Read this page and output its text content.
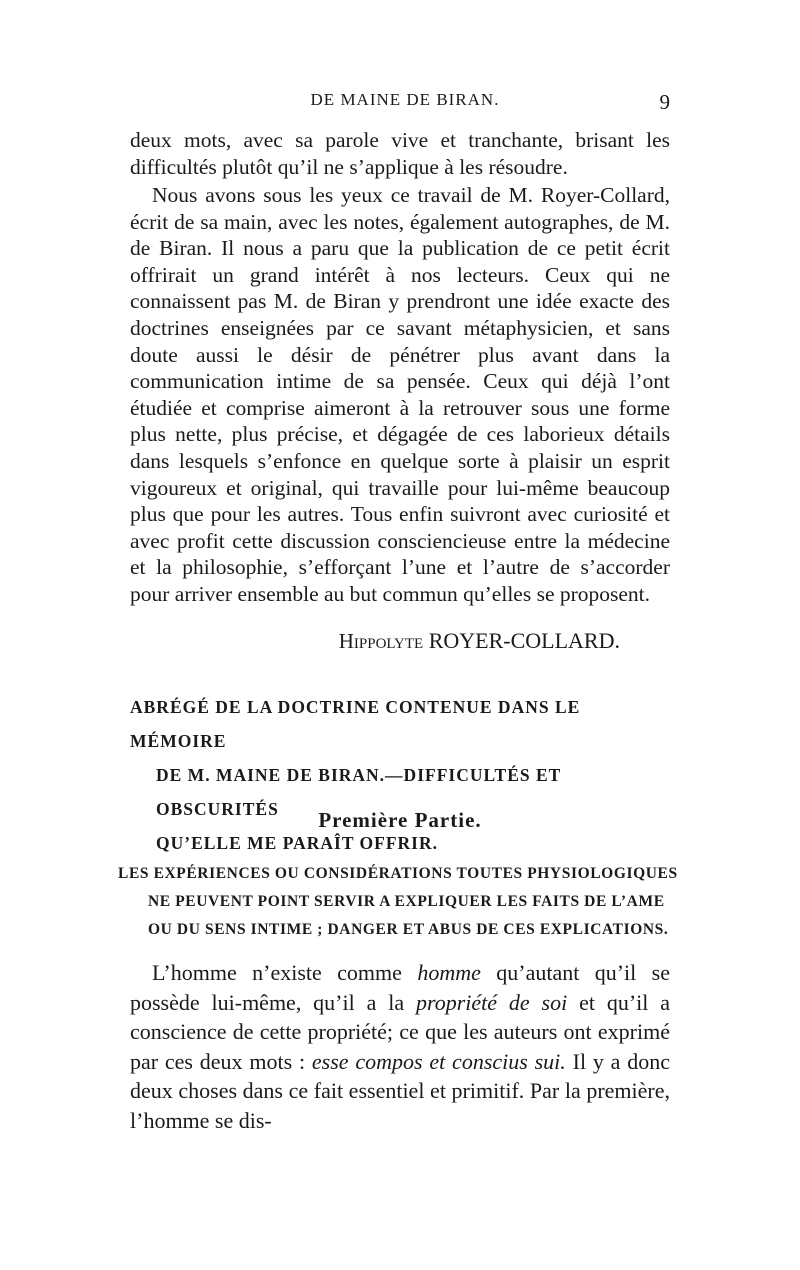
DE MAINE DE BIRAN.	9

deux mots, avec sa parole vive et tranchante, brisant les difficultés plutôt qu’il ne s’applique à les résoudre.

Nous avons sous les yeux ce travail de M. Royer-Collard, écrit de sa main, avec les notes, également autographes, de M. de Biran. Il nous a paru que la publication de ce petit écrit offrirait un grand intérêt à nos lecteurs. Ceux qui ne connaissent pas M. de Biran y prendront une idée exacte des doctrines enseignées par ce savant métaphysicien, et sans doute aussi le désir de pénétrer plus avant dans la communication intime de sa pensée. Ceux qui déjà l’ont étudiée et comprise aimeront à la retrouver sous une forme plus nette, plus précise, et dégagée de ces laborieux détails dans lesquels s’enfonce en quelque sorte à plaisir un esprit vigoureux et original, qui travaille pour lui-même beaucoup plus que pour les autres. Tous enfin suivront avec curiosité et avec profit cette discussion consciencieuse entre la médecine et la philosophie, s’efforçant l’une et l’autre de s’accorder pour arriver ensemble au but commun qu’elles se proposent.

Hippolyte ROYER-COLLARD.
ABRÉGÉ DE LA DOCTRINE CONTENUE DANS LE MÉMOIRE
DE M. MAINE DE BIRAN.—DIFFICULTÉS ET OBSCURITÉS
QU’ELLE ME PARAÎT OFFRIR.
Première Partie.
LES EXPÉRIENCES OU CONSIDÉRATIONS TOUTES PHYSIOLOGIQUES
NE PEUVENT POINT SERVIR A EXPLIQUER LES FAITS DE L’AME
OU DU SENS INTIME ; DANGER ET ABUS DE CES EXPLICATIONS.

L’homme n’existe comme homme qu’autant qu’il se possède lui-même, qu’il a la propriété de soi et qu’il a conscience de cette propriété; ce que les auteurs ont exprimé par ces deux mots : esse compos et conscius sui. Il y a donc deux choses dans ce fait essentiel et primitif. Par la première, l’homme se dis-
